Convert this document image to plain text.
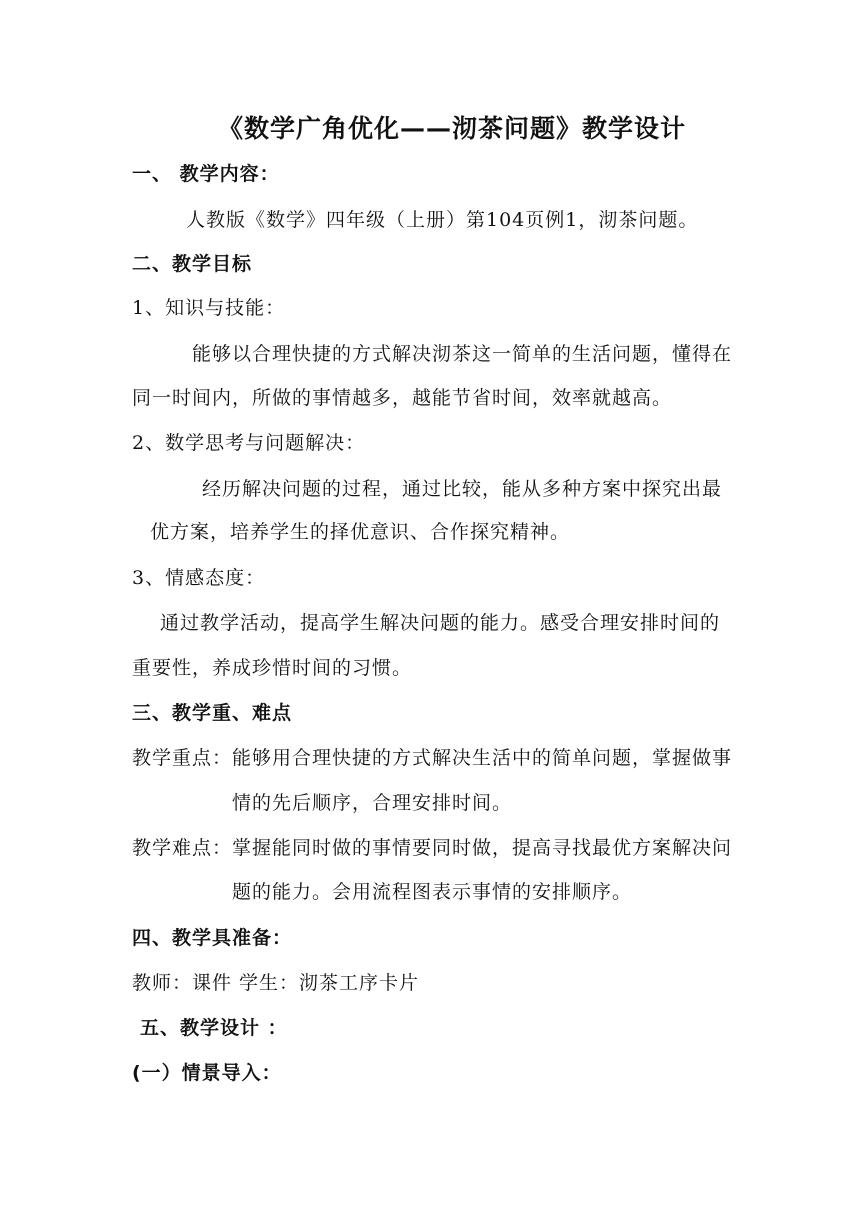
《数学广角优化——沏茶问题》教学设计
一、 教学内容：
人教版《数学》四年级（上册）第104页例1，沏茶问题。
二、教学目标
1、知识与技能：
能够以合理快捷的方式解决沏茶这一简单的生活问题，懂得在
同一时间内，所做的事情越多，越能节省时间，效率就越高。
2、数学思考与问题解决：
经历解决问题的过程，通过比较，能从多种方案中探究出最
优方案，培养学生的择优意识、合作探究精神。
3、情感态度：
通过教学活动，提高学生解决问题的能力。感受合理安排时间的
重要性，养成珍惜时间的习惯。
三、教学重、难点
教学重点：能够用合理快捷的方式解决生活中的简单问题，掌握做事
情的先后顺序，合理安排时间。
教学难点：掌握能同时做的事情要同时做，提高寻找最优方案解决问
题的能力。会用流程图表示事情的安排顺序。
四、教学具准备：
教师：课件 学生：沏茶工序卡片
五、教学设计 ：
(一）情景导入：
